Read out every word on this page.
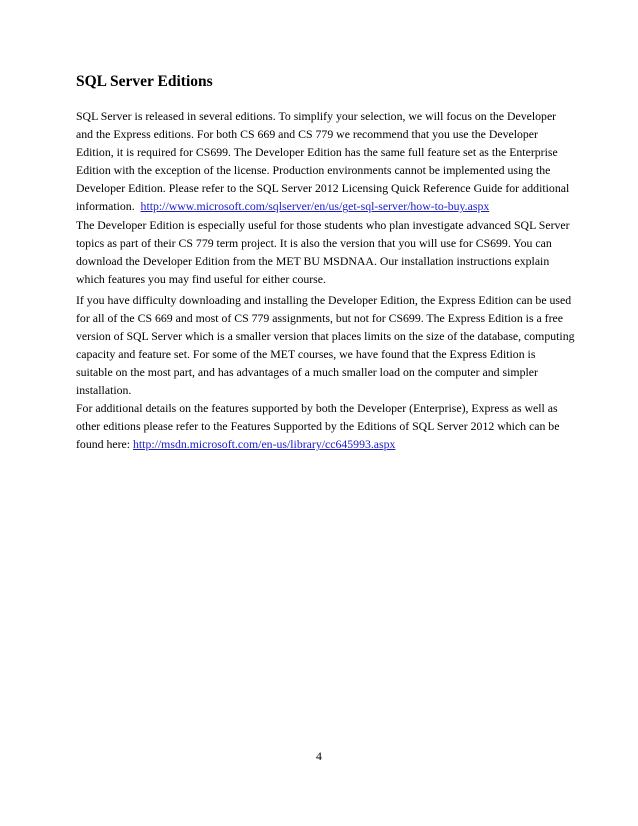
SQL Server Editions
SQL Server is released in several editions. To simplify your selection, we will focus on the Developer
and the Express editions. For both CS 669 and CS 779 we recommend that you use the Developer
Edition, it is required for CS699. The Developer Edition has the same full feature set as the Enterprise
Edition with the exception of the license. Production environments cannot be implemented using the
Developer Edition. Please refer to the SQL Server 2012 Licensing Quick Reference Guide for additional
information.  http://www.microsoft.com/sqlserver/en/us/get-sql-server/how-to-buy.aspx
The Developer Edition is especially useful for those students who plan investigate advanced SQL Server
topics as part of their CS 779 term project. It is also the version that you will use for CS699. You can
download the Developer Edition from the MET BU MSDNAA. Our installation instructions explain
which features you may find useful for either course.
If you have difficulty downloading and installing the Developer Edition, the Express Edition can be used
for all of the CS 669 and most of CS 779 assignments, but not for CS699. The Express Edition is a free
version of SQL Server which is a smaller version that places limits on the size of the database, computing
capacity and feature set. For some of the MET courses, we have found that the Express Edition is
suitable on the most part, and has advantages of a much smaller load on the computer and simpler
installation.
For additional details on the features supported by both the Developer (Enterprise), Express as well as
other editions please refer to the Features Supported by the Editions of SQL Server 2012 which can be
found here: http://msdn.microsoft.com/en-us/library/cc645993.aspx
4
